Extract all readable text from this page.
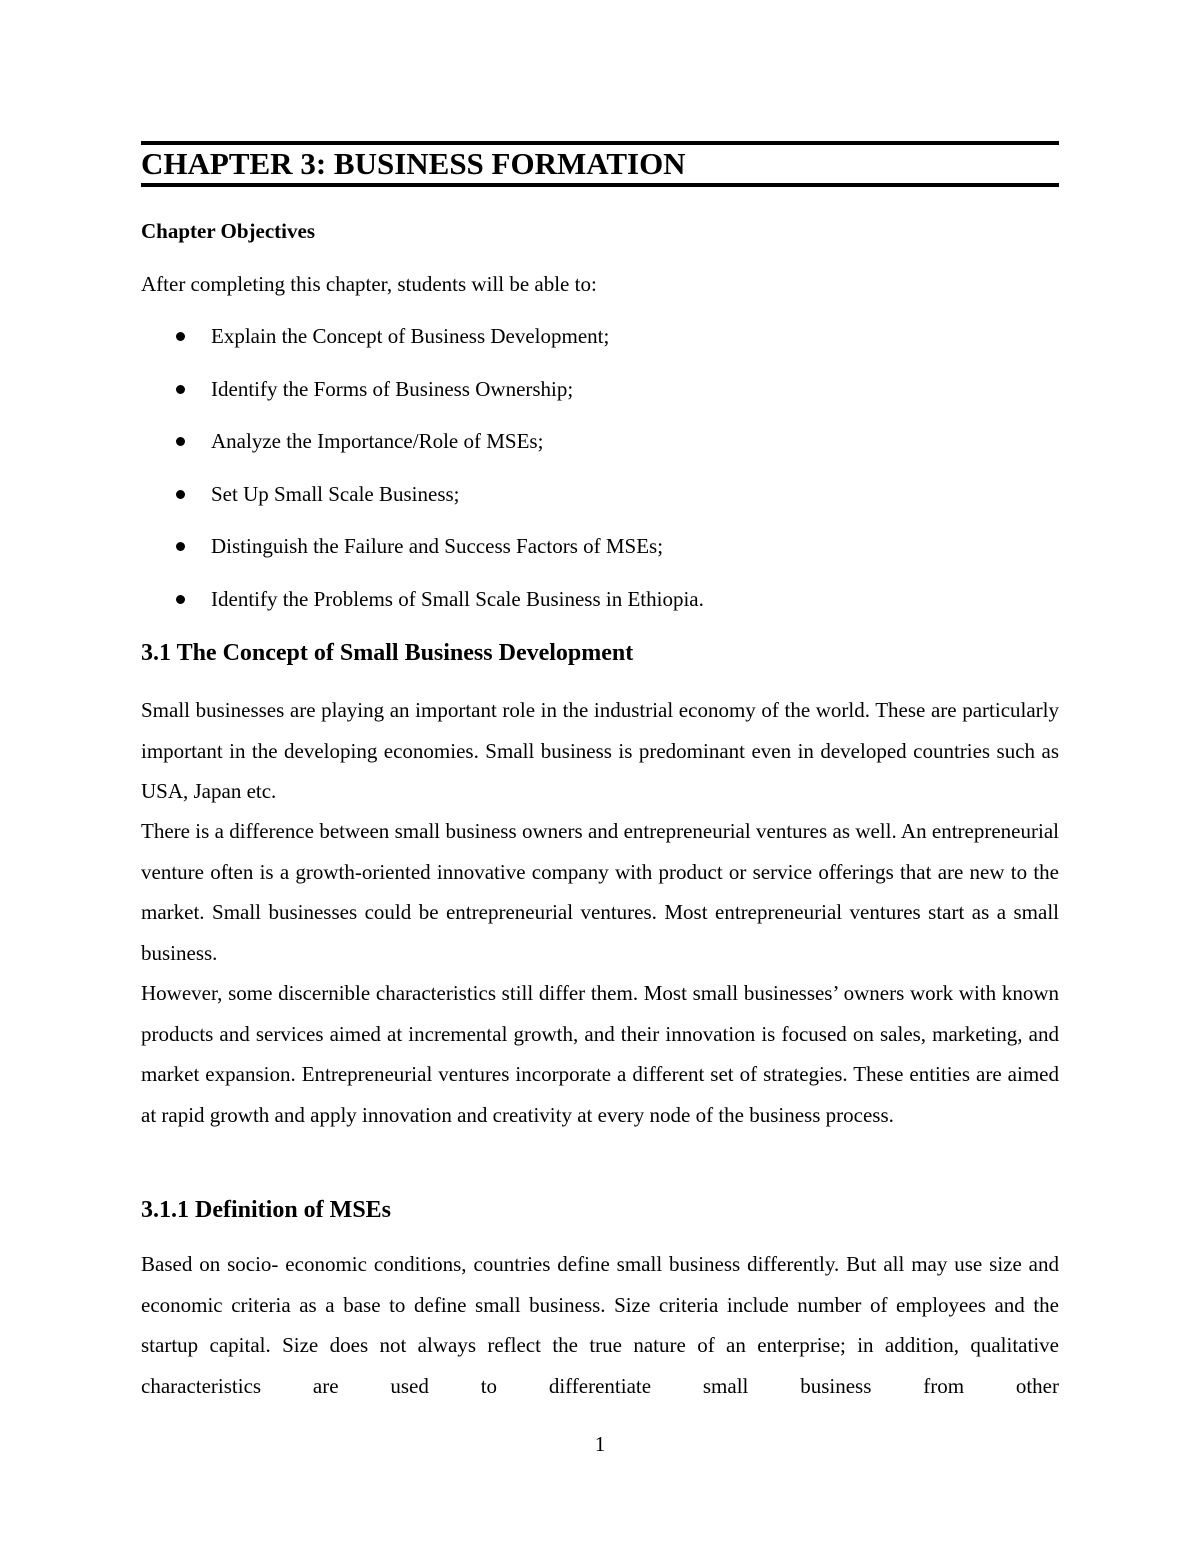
CHAPTER 3: BUSINESS FORMATION
Chapter Objectives
After completing this chapter, students will be able to:
Explain the Concept of Business Development;
Identify the Forms of Business Ownership;
Analyze the Importance/Role of MSEs;
Set Up Small Scale Business;
Distinguish the Failure and Success Factors of MSEs;
Identify the Problems of Small Scale Business in Ethiopia.
3.1 The Concept of Small Business Development

Small businesses are playing an important role in the industrial economy of the world. These are particularly important in the developing economies. Small business is predominant even in developed countries such as USA, Japan etc.

There is a difference between small business owners and entrepreneurial ventures as well. An entrepreneurial venture often is a growth-oriented innovative company with product or service offerings that are new to the market. Small businesses could be entrepreneurial ventures. Most entrepreneurial ventures start as a small business.

However, some discernible characteristics still differ them. Most small businesses’ owners work with known products and services aimed at incremental growth, and their innovation is focused on sales, marketing, and market expansion. Entrepreneurial ventures incorporate a different set of strategies. These entities are aimed at rapid growth and apply innovation and creativity at every node of the business process.

3.1.1 Definition of MSEs

Based on socio- economic conditions, countries define small business differently. But all may use size and economic criteria as a base to define small business. Size criteria include number of employees and the startup capital. Size does not always reflect the true nature of an enterprise; in addition, qualitative characteristics are used to differentiate small business from other

1
